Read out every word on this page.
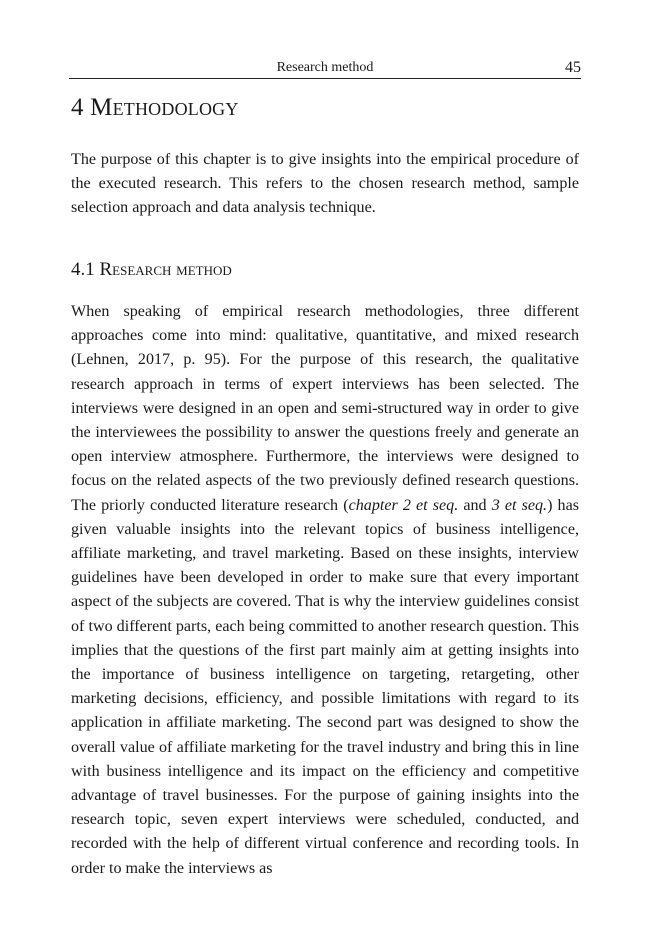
Research method	45
4 Methodology

The purpose of this chapter is to give insights into the empirical procedure of the executed research. This refers to the chosen research method, sample selection approach and data analysis technique.

4.1 Research method

When speaking of empirical research methodologies, three different approaches come into mind: qualitative, quantitative, and mixed research (Lehnen, 2017, p. 95). For the purpose of this research, the qualitative research approach in terms of expert interviews has been selected. The interviews were designed in an open and semi-structured way in order to give the interviewees the possibility to answer the questions freely and generate an open interview atmosphere. Furthermore, the interviews were designed to focus on the related aspects of the two previously defined research questions. The priorly conducted literature research (chapter 2 et seq. and 3 et seq.) has given valuable insights into the relevant topics of business intelligence, affiliate marketing, and travel marketing. Based on these insights, interview guidelines have been developed in order to make sure that every important aspect of the subjects are covered. That is why the interview guidelines consist of two different parts, each being committed to another research question. This implies that the questions of the first part mainly aim at getting insights into the importance of business intelligence on targeting, retargeting, other marketing decisions, efficiency, and possible limitations with regard to its application in affiliate marketing. The second part was designed to show the overall value of affiliate marketing for the travel industry and bring this in line with business intelligence and its impact on the efficiency and competitive advantage of travel businesses. For the purpose of gaining insights into the research topic, seven expert interviews were scheduled, conducted, and recorded with the help of different virtual conference and recording tools. In order to make the interviews as
